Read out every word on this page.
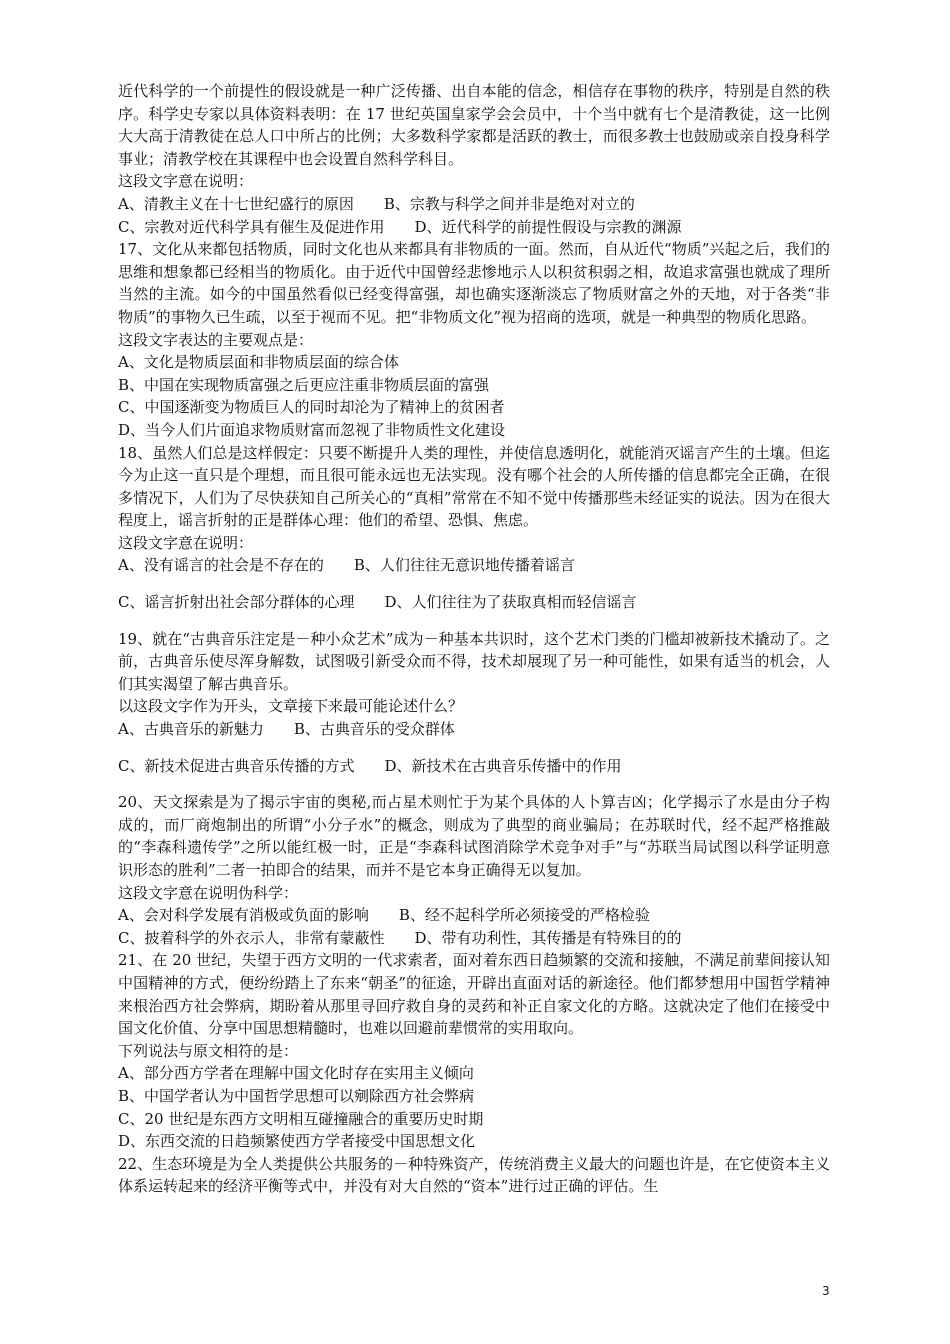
近代科学的一个前提性的假设就是一种广泛传播、出自本能的信念，相信存在事物的秩序，特别是自然的秩序。科学史专家以具体资料表明：在 17 世纪英国皇家学会会员中，十个当中就有七个是清教徒，这一比例大大高于清教徒在总人口中所占的比例；大多数科学家都是活跃的教士，而很多教士也鼓励或亲自投身科学事业；清教学校在其课程中也会设置自然科学科目。

这段文字意在说明：

A、清教主义在十七世纪盛行的原因 B、宗教与科学之间并非是绝对对立的

C、宗教对近代科学具有催生及促进作用 D、近代科学的前提性假设与宗教的渊源

17、文化从来都包括物质，同时文化也从来都具有非物质的一面。然而，自从近代“物质”兴起之后，我们的思维和想象都已经相当的物质化。由于近代中国曾经悲惨地示人以积贫积弱之相，故追求富强也就成了理所当然的主流。如今的中国虽然看似已经变得富强，却也确实逐渐淡忘了物质财富之外的天地，对于各类“非物质”的事物久已生疏，以至于视而不见。把“非物质文化”视为招商的选项，就是一种典型的物质化思路。

这段文字表达的主要观点是：

A、文化是物质层面和非物质层面的综合体

B、中国在实现物质富强之后更应注重非物质层面的富强

C、中国逐渐变为物质巨人的同时却沦为了精神上的贫困者

D、当今人们片面追求物质财富而忽视了非物质性文化建设

18、虽然人们总是这样假定：只要不断提升人类的理性，并使信息透明化，就能消灭谣言产生的土壤。但迄今为止这一直只是个理想，而且很可能永远也无法实现。没有哪个社会的人所传播的信息都完全正确，在很多情况下，人们为了尽快获知自己所关心的“真相”常常在不知不觉中传播那些未经证实的说法。因为在很大程度上，谣言折射的正是群体心理：他们的希望、恐惧、焦虑。

这段文字意在说明：

A、没有谣言的社会是不存在的 B、人们往往无意识地传播着谣言

C、谣言折射出社会部分群体的心理 D、人们往往为了获取真相而轻信谣言

19、就在“古典音乐注定是－种小众艺术”成为－种基本共识时，这个艺术门类的门槛却被新技术撬动了。之前，古典音乐使尽浑身解数，试图吸引新受众而不得，技术却展现了另一种可能性，如果有适当的机会，人们其实渴望了解古典音乐。

以这段文字作为开头，文章接下来最可能论述什么？

A、古典音乐的新魅力 B、古典音乐的受众群体

C、新技术促进古典音乐传播的方式 D、新技术在古典音乐传播中的作用

20、天文探索是为了揭示宇宙的奥秘,而占星术则忙于为某个具体的人卜算吉凶；化学揭示了水是由分子构成的，而厂商炮制出的所谓“小分子水”的概念，则成为了典型的商业骗局；在苏联时代，经不起严格推敲的“李森科遗传学”之所以能红极一时，正是“李森科试图消除学术竞争对手”与“苏联当局试图以科学证明意识形态的胜利”二者一拍即合的结果，而并不是它本身正确得无以复加。

这段文字意在说明伪科学：

A、会对科学发展有消极或负面的影响 B、经不起科学所必须接受的严格检验

C、披着科学的外衣示人，非常有蒙蔽性 D、带有功利性，其传播是有特殊目的的

21、在 20 世纪，失望于西方文明的一代求索者，面对着东西日趋频繁的交流和接触，不满足前辈间接认知中国精神的方式，便纷纷踏上了东来“朝圣”的征途，开辟出直面对话的新途径。他们都梦想用中国哲学精神来根治西方社会弊病，期盼着从那里寻回疗救自身的灵药和补正自家文化的方略。这就决定了他们在接受中国文化价值、分享中国思想精髓时，也难以回避前辈惯常的实用取向。

下列说法与原文相符的是：

A、部分西方学者在理解中国文化时存在实用主义倾向

B、中国学者认为中国哲学思想可以剜除西方社会弊病

C、20 世纪是东西方文明相互碰撞融合的重要历史时期

D、东西交流的日趋频繁使西方学者接受中国思想文化

22、生态环境是为全人类提供公共服务的－种特殊资产，传统消费主义最大的问题也许是，在它使资本主义体系运转起来的经济平衡等式中，并没有对大自然的“资本”进行过正确的评估。生

3
